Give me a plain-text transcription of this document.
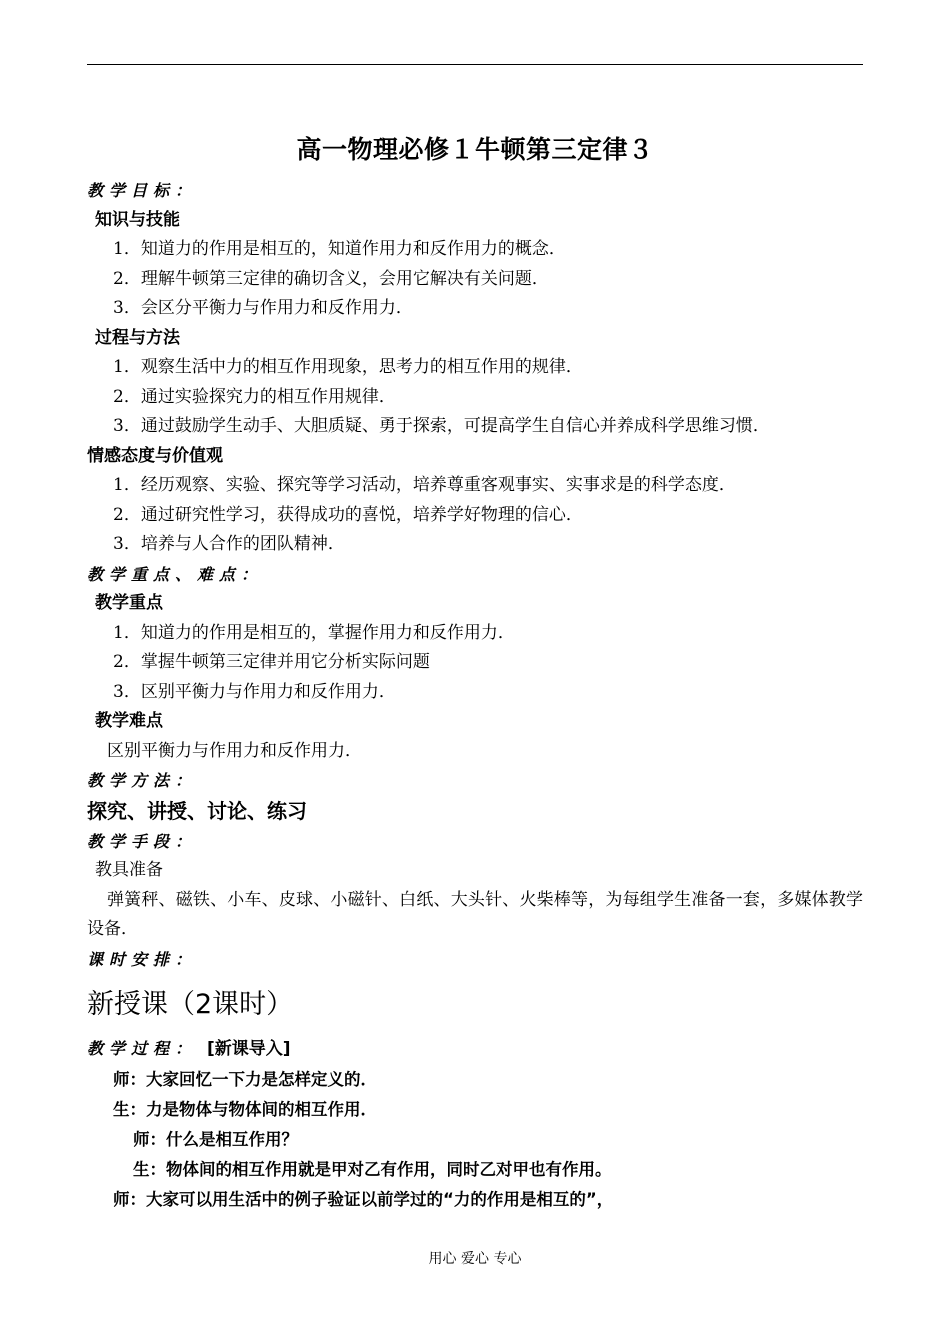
高一物理必修１牛顿第三定律３
教学目标：
知识与技能
1．知道力的作用是相互的，知道作用力和反作用力的概念．
2．理解牛顿第三定律的确切含义，会用它解决有关问题．
3．会区分平衡力与作用力和反作用力．
过程与方法
1．观察生活中力的相互作用现象，思考力的相互作用的规律．
2．通过实验探究力的相互作用规律．
3．通过鼓励学生动手、大胆质疑、勇于探索，可提高学生自信心并养成科学思维习惯．
情感态度与价值观
1．经历观察、实验、探究等学习活动，培养尊重客观事实、实事求是的科学态度．
2．通过研究性学习，获得成功的喜悦，培养学好物理的信心．
3．培养与人合作的团队精神．
教学重点、难点：
教学重点
1．知道力的作用是相互的，掌握作用力和反作用力．
2．掌握牛顿第三定律并用它分析实际问题
3．区别平衡力与作用力和反作用力．
教学难点
区别平衡力与作用力和反作用力．
教学方法：
探究、讲授、讨论、练习
教学手段：
教具准备
弹簧秤、磁铁、小车、皮球、小磁针、白纸、大头针、火柴棒等，为每组学生准备一套，多媒体教学设备．
课时安排：
新授课（2课时）
教学过程： [新课导入]
师：大家回忆一下力是怎样定义的．
生：力是物体与物体间的相互作用．
师：什么是相互作用？
生：物体间的相互作用就是甲对乙有作用，同时乙对甲也有作用。
师：大家可以用生活中的例子验证以前学过的“力的作用是相互的”，
用心 爱心 专心
